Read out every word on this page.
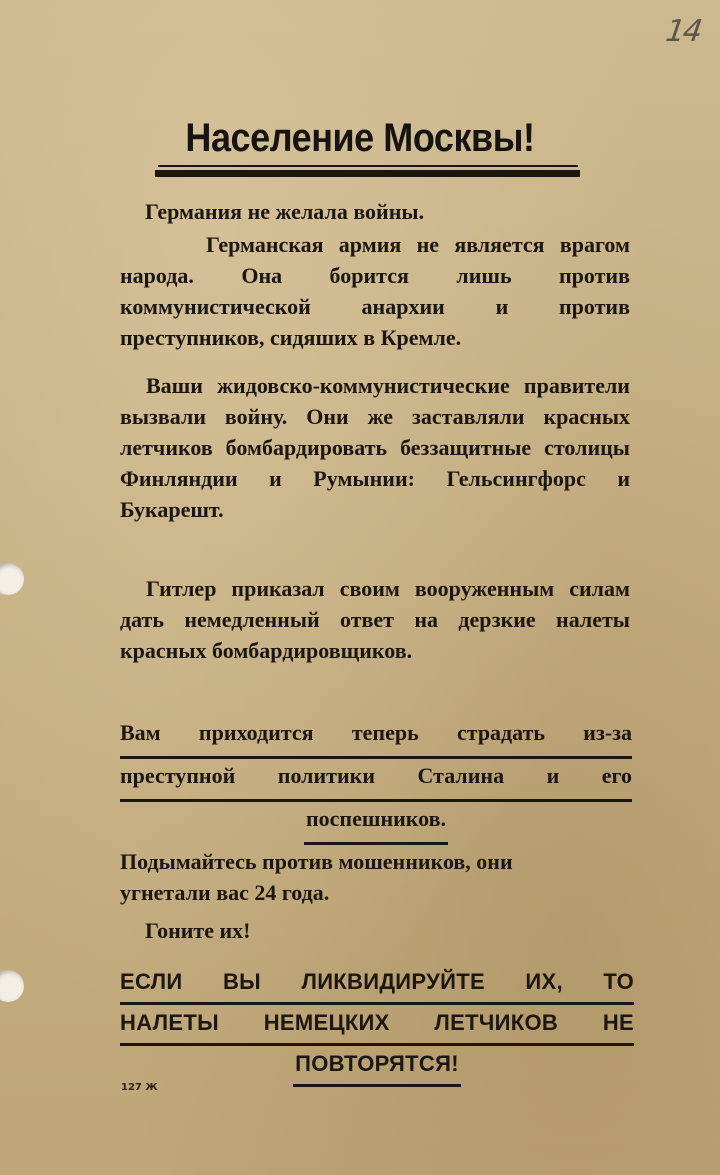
14
Население Москвы!

Германия не желала войны.

Германская армия не является врагом народа. Она борится лишь против коммунистической анархии и против преступников, сидяших в Кремле.

Ваши жидовско-коммунистические правители вызвали войну. Они же заставляли красных летчиков бомбардировать беззащитные столицы Финляндии и Румынии: Гельсингфорс и Букарешт.

Гитлер приказал своим вооруженным силам дать немедленный ответ на дерзкие налеты красных бомбардировщиков.

Вам приходится теперь страдать из-за
преступной политики Сталина и его
поспешников.

Подымайтесь против мошенников, они
угнетали вас 24 года.

Гоните их!

ЕСЛИ ВЫ ЛИКВИДИРУЙТЕ ИХ, ТО
НАЛЕТЫ НЕМЕЦКИХ ЛЕТЧИКОВ НЕ
ПОВТОРЯТСЯ!
127 Ж
